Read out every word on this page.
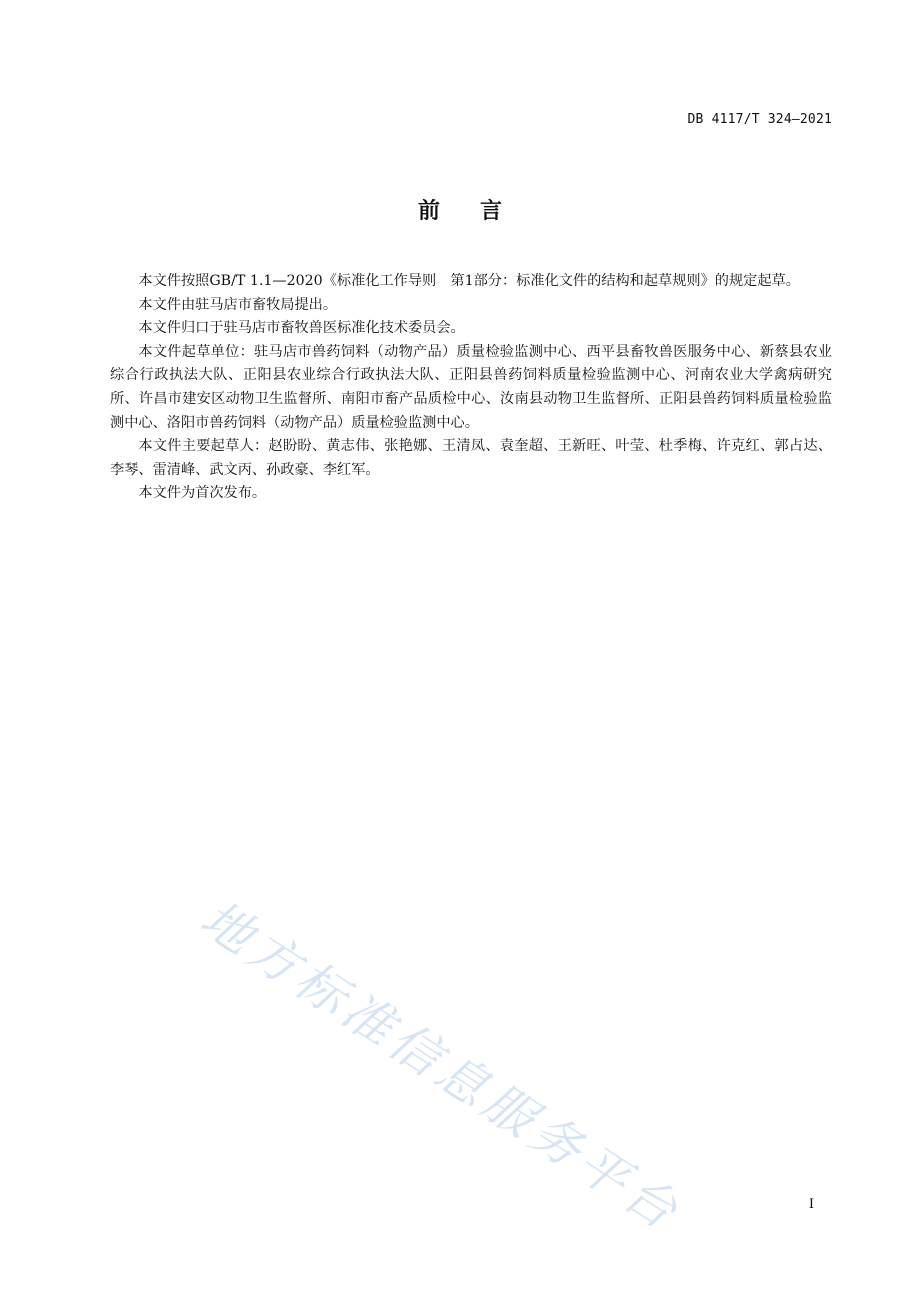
DB 4117/T 324—2021
前言

本文件按照GB/T 1.1—2020《标准化工作导则　第1部分：标准化文件的结构和起草规则》的规定起草。

本文件由驻马店市畜牧局提出。

本文件归口于驻马店市畜牧兽医标准化技术委员会。

本文件起草单位：驻马店市兽药饲料（动物产品）质量检验监测中心、西平县畜牧兽医服务中心、新蔡县农业综合行政执法大队、正阳县农业综合行政执法大队、正阳县兽药饲料质量检验监测中心、河南农业大学禽病研究所、许昌市建安区动物卫生监督所、南阳市畜产品质检中心、汝南县动物卫生监督所、正阳县兽药饲料质量检验监测中心、洛阳市兽药饲料（动物产品）质量检验监测中心。

本文件主要起草人：赵盼盼、黄志伟、张艳娜、王清凤、袁奎超、王新旺、叶莹、杜季梅、许克红、郭占达、李琴、雷清峰、武文丙、孙政豪、李红军。

本文件为首次发布。

地方标准信息服务平台	I
